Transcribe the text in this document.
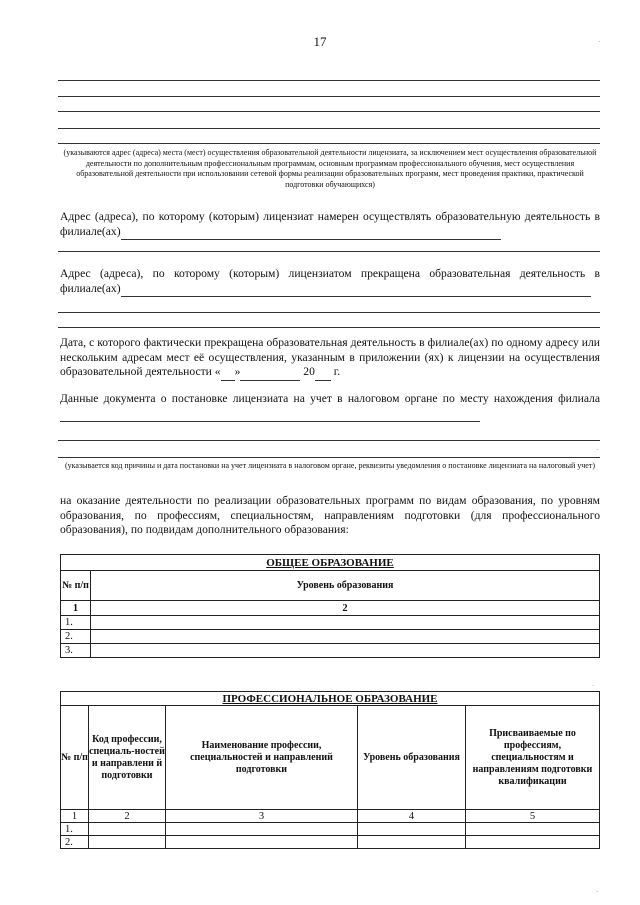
17
(указываются адрес (адреса) места (мест) осуществления образовательной деятельности лицензиата, за исключением мест осуществления образовательной деятельности по дополнительным профессиональным программам, основным программам профессионального обучения, мест осуществления образовательной деятельности при использовании сетевой формы реализации образовательных программ, мест проведения практики, практической подготовки обучающихся)
Адрес (адреса), по которому (которым) лицензиат намерен осуществлять образовательную деятельность в филиале(ах)
Адрес (адреса), по которому (которым) лицензиатом прекращена образовательная деятельность в филиале(ах)
Дата, с которого фактически прекращена образовательная деятельность в филиале(ах) по одному адресу или нескольким адресам мест её осуществления, указанным в приложении (ях) к лицензии на осуществления образовательной деятельности « »	20 г.
Данные документа о постановке лицензиата на учет в налоговом органе по месту нахождения филиала
(указывается код причины и дата постановки на учет лицензиата в налоговом органе, реквизиты уведомления о постановке лицензиата на налоговый учет)
на оказание деятельности по реализации образовательных программ по видам образования, по уровням образования, по профессиям, специальностям, направлениям подготовки (для профессионального образования), по подвидам дополнительного образования:
ОБЩЕЕ ОБРАЗОВАНИЕ	
№ п/п	Уровень образования
1	2
1.	
2.	
3.	
ПРОФЕССИОНАЛЬНОЕ ОБРАЗОВАНИЕ				
№ п/п	Код профессии, специаль-ностей и направлени й подготовки	Наименование профессии, специальностей и направлений подготовки	Уровень образования	Присваиваемые по профессиям, специальностям и направлениям подготовки квалификации
1	2	3	4	5
1.				
2.				
·
·
·
·
